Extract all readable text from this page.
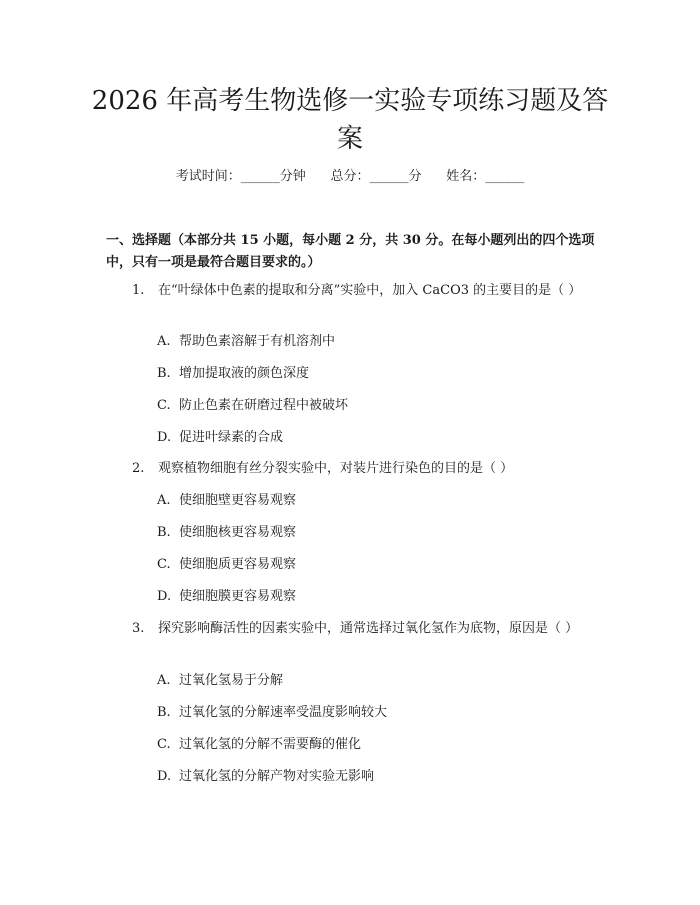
2026 年高考生物选修一实验专项练习题及答
案
考试时间：______分钟      总分：______分      姓名：______
一、选择题（本部分共 15 小题，每小题 2 分，共 30 分。在每小题列出的四个选项中，只有一项是最符合题目要求的。）
1. 在“叶绿体中色素的提取和分离”实验中，加入 CaCO3 的主要目的是（ ）
A. 帮助色素溶解于有机溶剂中
B. 增加提取液的颜色深度
C. 防止色素在研磨过程中被破坏
D. 促进叶绿素的合成
2. 观察植物细胞有丝分裂实验中，对装片进行染色的目的是（ ）
A. 使细胞壁更容易观察
B. 使细胞核更容易观察
C. 使细胞质更容易观察
D. 使细胞膜更容易观察
3. 探究影响酶活性的因素实验中，通常选择过氧化氢作为底物，原因是（ ）
A. 过氧化氢易于分解
B. 过氧化氢的分解速率受温度影响较大
C. 过氧化氢的分解不需要酶的催化
D. 过氧化氢的分解产物对实验无影响
